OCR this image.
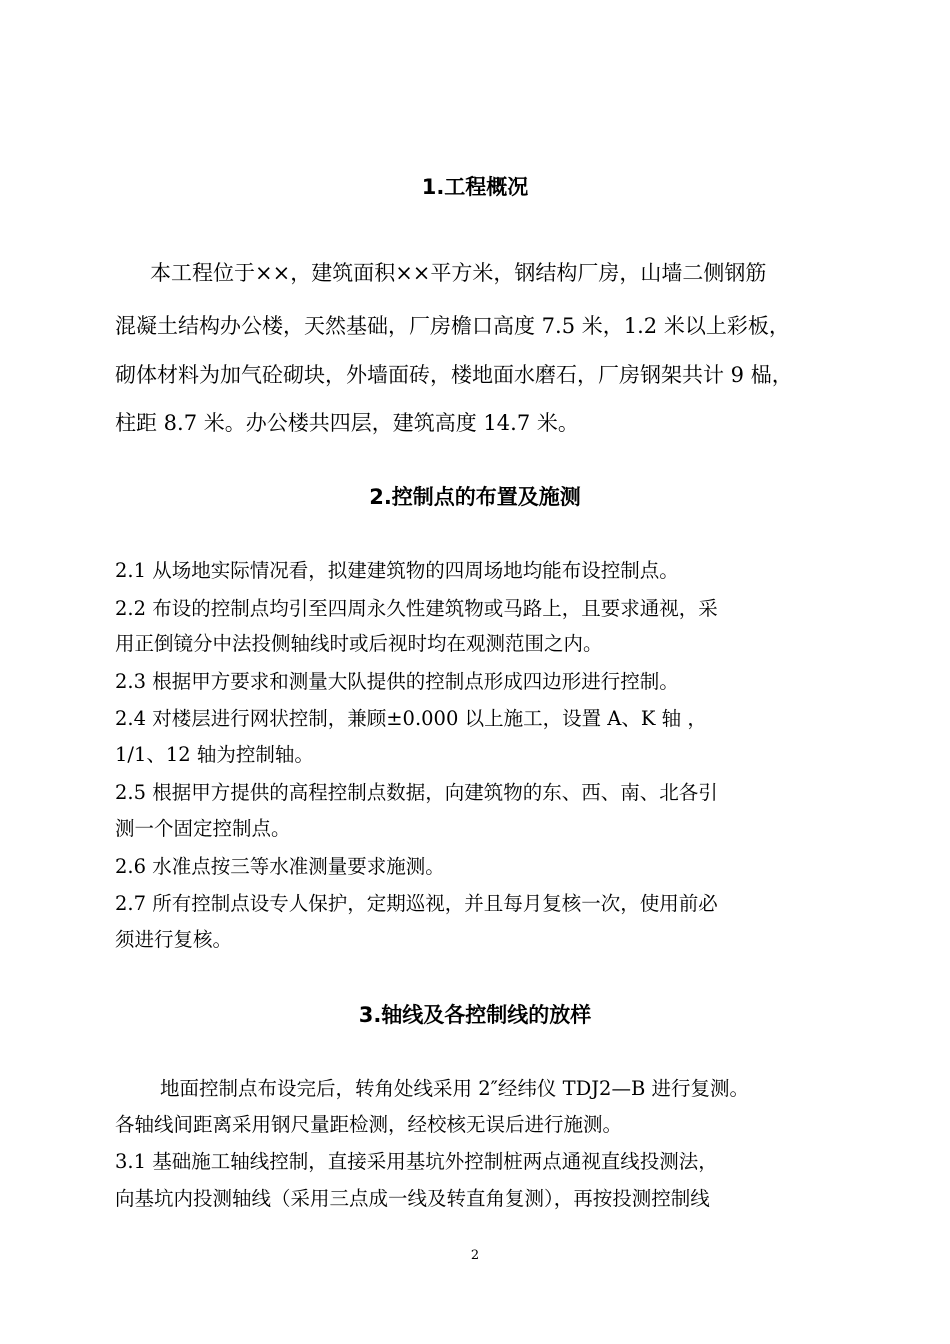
1.工程概况
本工程位于××，建筑面积××平方米，钢结构厂房，山墙二侧钢筋
混凝土结构办公楼，天然基础，厂房檐口高度 7.5 米，1.2 米以上彩板，
砌体材料为加气砼砌块，外墙面砖，楼地面水磨石，厂房钢架共计 9 榀，
柱距 8.7 米。办公楼共四层，建筑高度 14.7 米。
2.控制点的布置及施测
2.1 从场地实际情况看，拟建建筑物的四周场地均能布设控制点。
2.2 布设的控制点均引至四周永久性建筑物或马路上，且要求通视，采
用正倒镜分中法投侧轴线时或后视时均在观测范围之内。
2.3 根据甲方要求和测量大队提供的控制点形成四边形进行控制。
2.4 对楼层进行网状控制，兼顾±0.000 以上施工，设置 A、K 轴 ，
1/1、12 轴为控制轴。
2.5 根据甲方提供的高程控制点数据，向建筑物的东、西、南、北各引
测一个固定控制点。
2.6 水准点按三等水准测量要求施测。
2.7 所有控制点设专人保护，定期巡视，并且每月复核一次，使用前必
须进行复核。
3.轴线及各控制线的放样
地面控制点布设完后，转角处线采用 2″经纬仪 TDJ2—B 进行复测。
各轴线间距离采用钢尺量距检测，经校核无误后进行施测。
3.1 基础施工轴线控制，直接采用基坑外控制桩两点通视直线投测法，
向基坑内投测轴线（采用三点成一线及转直角复测），再按投测控制线
2
